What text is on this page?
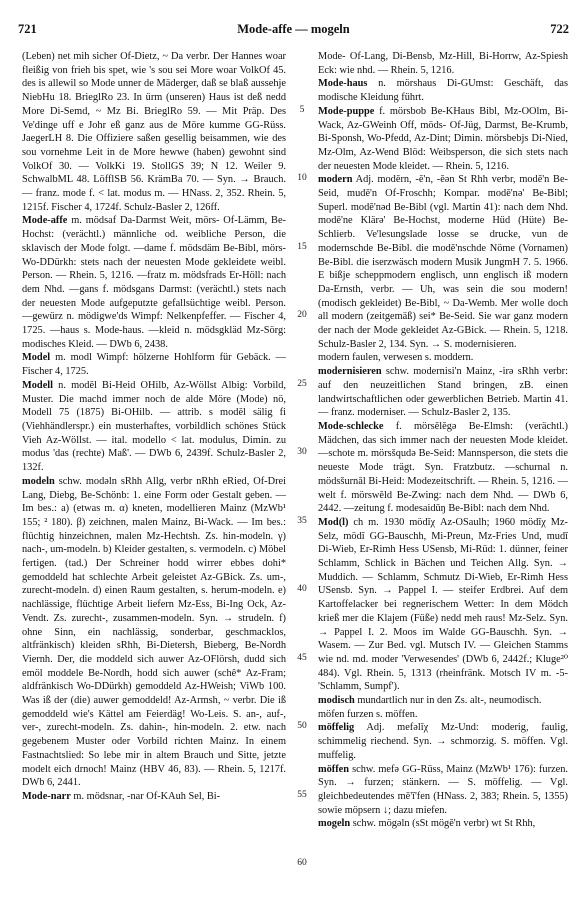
721	Mode-affe — mogeln	722

(Leben) net mih sicher Of-Dietz, ~ Da verbr. Der Hannes woar fleißig von frieh bis spet, wie 's sou sei More woar VolkOf 45. des is allewil so Mode unner de Mäderger, daß se blaß aussehje NiebHu 18. BrieglRo 23. In ürm (unseren) Haus ist deß nedd More Di-Semd, ~ Mz Bi. BrieglRo 59. — Mit Präp. Des Ve'dinge uff e Johr eß ganz aus de Möre kumme GG-Rüss. JaegerLH 8. Die Offiziere saßen gesellig beisammen, wie des sou vornehme Leit in de More hewwe (haben) gewohnt sind VolkOf 30. — VolkKi 19. StollGS 39; N 12. Weiler 9. SchwalbML 48. LöfflSB 56. KrämBa 70. — Syn. → Brauch. — franz. mode f. < lat. modus m. — HNass. 2, 352. Rhein. 5, 1215f. Fischer 4, 1724f. Schulz-Basler 2, 126ff.

Mode-affe m. mödsaf Da-Darmst Weit, mörs- Of-Lämm, Be-Hochst: (verächtl.) männliche od. weibliche Person, die sklavisch der Mode folgt. —dame f. mödsdäm Be-Bibl, mörs- Wo-DDürkh: stets nach der neuesten Mode gekleidete weibl. Person. — Rhein. 5, 1216. —fratz m. mödsfrads Er-Höll: nach dem Nhd. —gans f. mödsgans Darmst: (verächtl.) stets nach der neuesten Mode aufgeputzte gefallsüchtige weibl. Person. —gewürz n. mödigwe'ds Wimpf: Nelkenpfeffer. — Fischer 4, 1725. —haus s. Mode-haus. —kleid n. mödsgkläd Mz-Sörg: modisches Kleid. — DWb 6, 2438.

Model m. modl Wimpf: hölzerne Hohlform für Gebäck. — Fischer 4, 1725.

Modell n. modĕl Bi-Heid OHilb, Az-Wöllst Albig: Vorbild, Muster. Die machd immer noch de alde Möre (Mode) nö, Modell 75 (1875) Bi-OHilb. — attrib. s modĕl sälig fi (Viehhändlerspr.) ein musterhaftes, vorbildlich schönes Stück Vieh Az-Wöllst. — ital. modello < lat. modulus, Dimin. zu modus 'das (rechte) Maß'. — DWb 6, 2439f. Schulz-Basler 2, 132f.

modeln schw. modəln sRhh Allg, verbr nRhh eRied, Of-Drei Lang, Diebg, Be-Schönb: 1. eine Form oder Gestalt geben. — Im bes.: a) (etwas m. α) kneten, modellieren Mainz (MzWb¹ 155; ² 180). β) zeichnen, malen Mainz, Bi-Wack. — Im bes.: flüchtig hinzeichnen, malen Mz-Hechtsh. Zs. hin-modeln. γ) nach-, um-modeln. b) Kleider gestalten, s. vermodeln. c) Möbel fertigen. (tad.) Der Schreiner hodd wirrer ebbes dohi* gemoddeld hat schlechte Arbeit geleistet Az-GBick. Zs. um-, zurecht-modeln. d) einen Raum gestalten, s. herum-modeln. e) nachlässige, flüchtige Arbeit liefern Mz-Ess, Bi-Ing Ock, Az-Vendt. Zs. zurecht-, zusammen-modeln. Syn. → strudeln. f) ohne Sinn, ein nachlässig, sonderbar, geschmacklos, altfränkisch) kleiden sRhh, Bi-Dietersh, Bieberg, Be-Nordh Viernh. Der, die moddeld sich auwer Az-OFlörsh, dudd sich emöl moddele Be-Nordh, hodd sich auwer (schê* Az-Fram; aldfränkisch Wo-DDürkh) gemoddeld Az-HWeish; ViWb 100. Was iß der (die) auwer gemoddeld! Az-Armsh, ~ verbr. Die iß gemoddeld wie's Kättel am Feierdäg! Wo-Leis. S. an-, auf-, ver-, zurecht-modeln. Zs. dahin-, hin-modeln. 2. etw. nach gegebenem Muster oder Vorbild richten Mainz. In einem Fastnachtslied: So lebe mir in altem Brauch und Sitte, jetzte modelt eich drnoch! Mainz (HBV 46, 83). — Rhein. 5, 1217f. DWb 6, 2441.

Mode-narr m. mödsnar, -nar Of-KAuh Sel, Bi-

5
10
15
20
25
30
35
40
45
50
55
60

Mode- Of-Lang, Di-Bensb, Mz-Hill, Bi-Horrw, Az-Spiesh Eck: wie nhd. — Rhein. 5, 1216.

Mode-haus n. mörshaus Di-GUmst: Geschäft, das modische Kleidung führt.

Mode-puppe f. mörsbob Be-KHaus Bibl, Mz-OOlm, Bi-Wack, Az-GWeinh Off, möds- Of-Jüg, Darmst, Be-Krumb, Bi-Sponsh, Wo-Pfedd, Az-Dint; Dimin. mörsbebjs Di-Nied, Mz-Olm, Az-Wend Blöd: Weibsperson, die sich stets nach der neuesten Mode kleidet. — Rhein. 5, 1216.

modern Adj. modĕrn, -ĕ'n, -ĕən St Rhh verbr, modĕ'n Be-Seid, mudĕ'n Of-Froschh; Kompar. modĕ'nə' Be-Bibl; Superl. modĕ'nəd Be-Bibl (vgl. Martin 41): nach dem Nhd. modĕ'ne Klärə' Be-Hochst, moderne Hüd (Hüte) Be-Schlierb. Ve'lesungslade losse se drucke, vun de modernschde Be-Bibl. die modĕ'nschde Nöme (Vornamen) Be-Bibl. die iserzwäsch modern Musik JungmH 7. 5. 1966. E bißje scheppmodern englisch, unn englisch iß modern Da-Ernsth, verbr. — Uh, was sein die sou modern! (modisch gekleidet) Be-Bibl, ~ Da-Wemb. Mer wolle doch all modern (zeitgemäß) sei* Be-Seid. Sie war ganz modern der nach der Mode gekleidet Az-GBick. — Rhein. 5, 1218. Schulz-Basler 2, 134. Syn. → S. modernisieren.

modern faulen, verwesen s. moddern.

modernisieren schw. modernisi'n Mainz, -irə sRhh verbr: auf den neuzeitlichen Stand bringen, zB. einen landwirtschaftlichen oder gewerblichen Betrieb. Martin 41. — franz. moderniser. — Schulz-Basler 2, 135.

Mode-schlecke f. mörsĕlĕgə Be-Elmsh: (verächtl.) Mädchen, das sich immer nach der neuesten Mode kleidet. —schote m. mörsšqudə Be-Seid: Mannsperson, die stets die neueste Mode trägt. Syn. Fratzbutz. —schurnal n. mödsšurnăl Bi-Heid: Modezeitschrift. — Rhein. 5, 1216. —welt f. mörswĕld Be-Zwing: nach dem Nhd. — DWb 6, 2442. —zeitung f. modesaidŭŋ Be-Bibl: nach dem Nhd.

Mod(l) ch m. 1930 mödĭχ Az-OSaulh; 1960 mödĭχ Mz-Selz, mödĭ GG-Bauschh, Mi-Preun, Mz-Fries Und, mudĭ Di-Wieb, Er-Rimh Hess USensb, Mi-Rüd: 1. dünner, feiner Schlamm, Schlick in Bächen und Teichen Allg. Syn. → Muddich. — Schlamm, Schmutz Di-Wieb, Er-Rimh Hess USensb. Syn. → Pappel I. — steifer Erdbrei. Auf dem Kartoffelacker bei regnerischem Wetter: In dem Mödch krieß mer die Klajem (Füße) nedd meh raus! Mz-Selz. Syn. → Pappel I. 2. Moos im Walde GG-Bauschh. Syn. → Wasem. — Zur Bed. vgl. Mutsch IV. — Gleichen Stamms wie nd. md. moder 'Verwesendes' (DWb 6, 2442f.; Kluge²⁰ 484). Vgl. Rhein. 5, 1313 (rheinfränk. Motsch IV m. -5- 'Schlamm, Sumpf').

modisch mundartlich nur in den Zs. alt-, neumodisch.

möfen furzen s. möffen.

möffelig Adj. mefəlĭχ Mz-Und: moderig, faulig, schimmelig riechend. Syn. → schmorzig. S. möffen. Vgl. muffelig.

möffen schw. mefə GG-Rüss, Mainz (MzWb¹ 176): furzen. Syn. → furzen; stänkern. — S. möffelig. — Vgl. gleichbedeutendes mĕ'ĭ'fen (HNass. 2, 383; Rhein. 5, 1355) sowie möpsern ↓; dazu miefen.

mogeln schw. mögəln (sSt mögĕ'n verbr) wt St Rhh,
